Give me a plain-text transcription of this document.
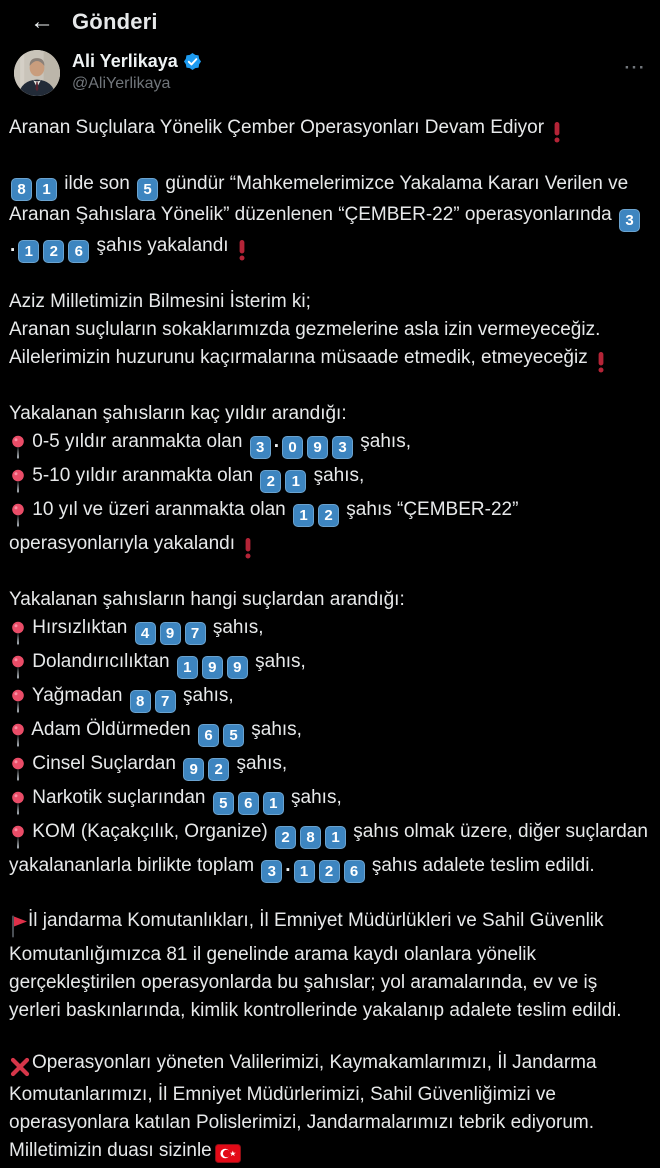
← Gönderi
Ali Yerlikaya
@AliYerlikaya
···

Aranan Suçlulara Yönelik Çember Operasyonları Devam Ediyor

8 1 ilde son 5 gündür “Mahkemelerimizce Yakalama Kararı Verilen ve Aranan Şahıslara Yönelik” düzenlenen “ÇEMBER-22” operasyonlarında 3. 1 2 6 şahıs yakalandı

Aziz Milletimizin Bilmesini İsterim ki;
Aranan suçluların sokaklarımızda gezmelerine asla izin vermeyeceğiz.
Ailelerimizin huzurunu kaçırmalarına müsaade etmedik, etmeyeceğiz

Yakalanan şahısların kaç yıldır arandığı:
0-5 yıldır aranmakta olan 3 . 0 9 3 şahıs,
5-10 yıldır aranmakta olan 2 1 şahıs,
10 yıl ve üzeri aranmakta olan 1 2 şahıs “ÇEMBER-22” operasyonlarıyla yakalandı

Yakalanan şahısların hangi suçlardan arandığı:
Hırsızlıktan 4 9 7 şahıs,
Dolandırıcılıktan 1 9 9 şahıs,
Yağmadan 8 7 şahıs,
Adam Öldürmeden 6 5 şahıs,
Cinsel Suçlardan 9 2 şahıs,
Narkotik suçlarından 5 6 1 şahıs,
KOM (Kaçakçılık, Organize) 2 8 1 şahıs olmak üzere, diğer suçlardan yakalananlarla birlikte toplam 3 . 1 2 6 şahıs adalete teslim edildi.

İl jandarma Komutanlıkları, İl Emniyet Müdürlükleri ve Sahil Güvenlik Komutanlığımızca 81 il genelinde arama kaydı olanlara yönelik gerçekleştirilen operasyonlarda bu şahıslar; yol aramalarında, ev ve iş yerleri baskınlarında, kimlik kontrollerinde yakalanıp adalete teslim edildi.

Operasyonları yöneten Valilerimizi, Kaymakamlarımızı, İl Jandarma Komutanlarımızı, İl Emniyet Müdürlerimizi, Sahil Güvenliğimizi ve operasyonlara katılan Polislerimizi, Jandarmalarımızı tebrik ediyorum. Milletimizin duası sizinle
